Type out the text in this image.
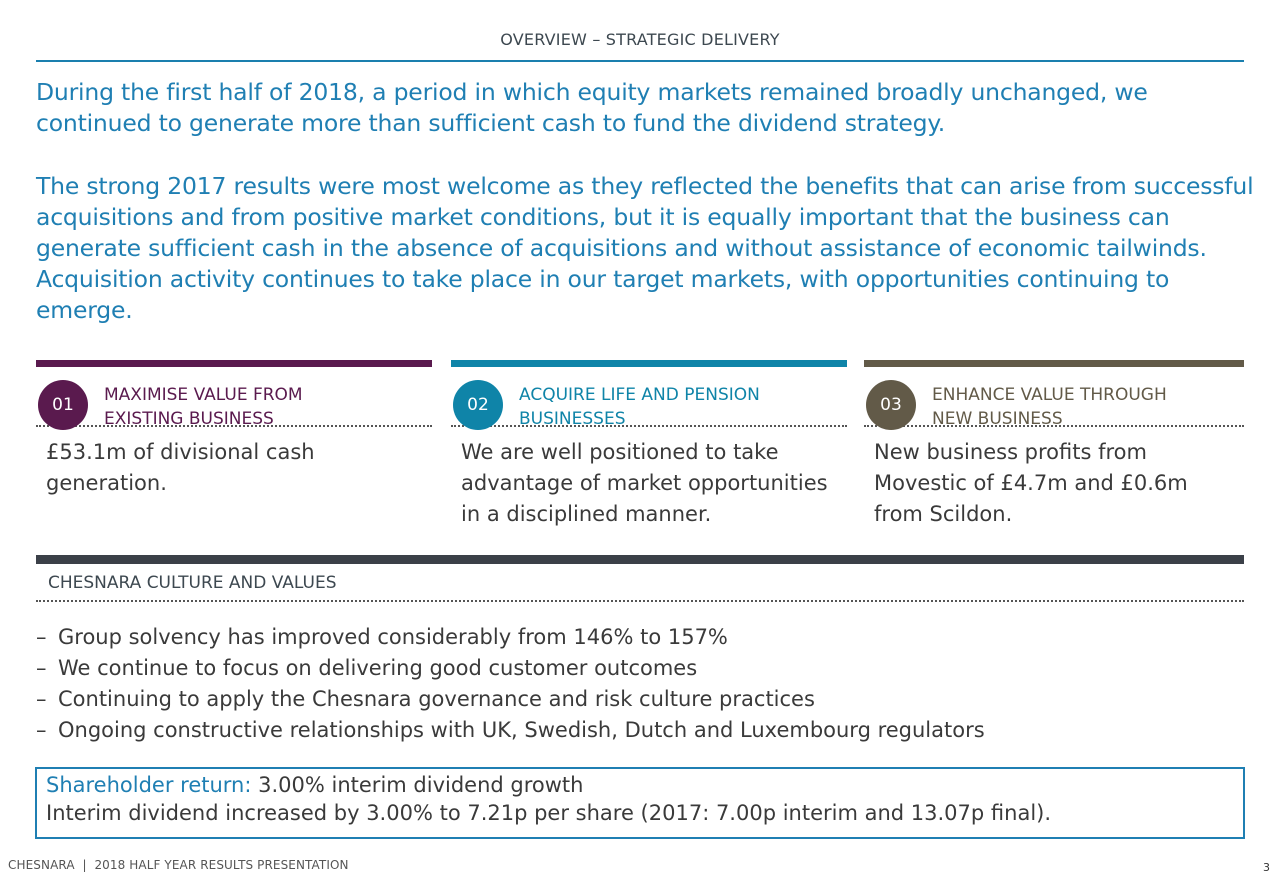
OVERVIEW – STRATEGIC DELIVERY

During the first half of 2018, a period in which equity markets remained broadly unchanged, we continued to generate more than sufficient cash to fund the dividend strategy.

The strong 2017 results were most welcome as they reflected the benefits that can arise from successful acquisitions and from positive market conditions, but it is equally important that the business can generate sufficient cash in the absence of acquisitions and without assistance of economic tailwinds. Acquisition activity continues to take place in our target markets, with opportunities continuing to emerge.

01	MAXIMISE VALUE FROM
EXISTING BUSINESS
£53.1m of divisional cash generation.
02	ACQUIRE LIFE AND PENSION
BUSINESSES
We are well positioned to take advantage of market opportunities in a disciplined manner.
03	ENHANCE VALUE THROUGH
NEW BUSINESS
New business profits from Movestic of £4.7m and £0.6m from Scildon.
CHESNARA CULTURE AND VALUES
– Group solvency has improved considerably from 146% to 157%
– We continue to focus on delivering good customer outcomes
– Continuing to apply the Chesnara governance and risk culture practices
– Ongoing constructive relationships with UK, Swedish, Dutch and Luxembourg regulators
Shareholder return: 3.00% interim dividend growth
Interim dividend increased by 3.00% to 7.21p per share (2017: 7.00p interim and 13.07p final).
CHESNARA  |  2018 HALF YEAR RESULTS PRESENTATION	3
